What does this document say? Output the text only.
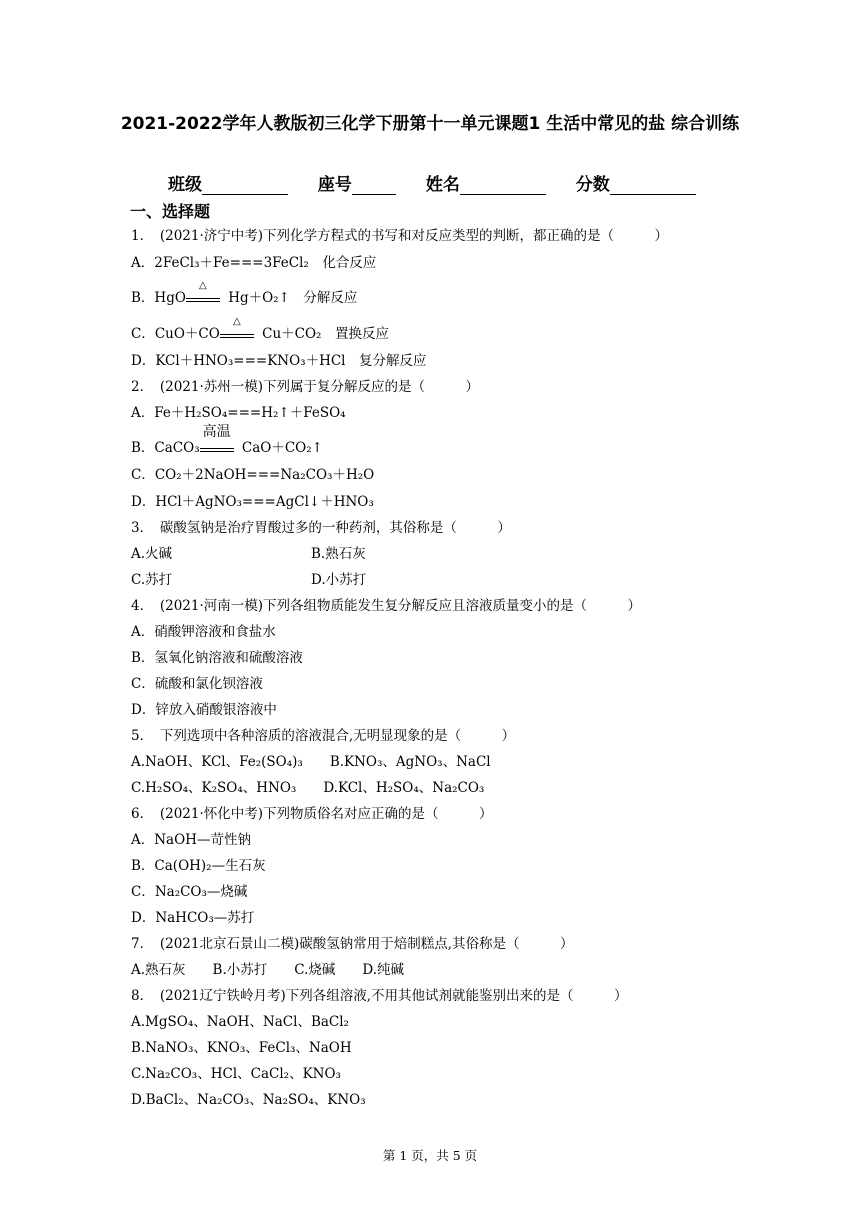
2021-2022学年人教版初三化学下册第十一单元课题1 生活中常见的盐 综合训练
班级	座号	姓名	分数
一、选择题
1．　(2021·济宁中考)下列化学方程式的书写和对反应类型的判断，都正确的是（　　　）
A．2FeCl₃＋Fe===3FeCl₂　化合反应
B．HgO
△
Hg＋O₂↑　分解反应
C．CuO＋CO
△
Cu＋CO₂　置换反应
D．KCl＋HNO₃===KNO₃＋HCl　复分解反应
2．　(2021·苏州一模)下列属于复分解反应的是（　　　）
A．Fe＋H₂SO₄===H₂↑＋FeSO₄
B．CaCO₃
高温
CaO＋CO₂↑
C．CO₂＋2NaOH===Na₂CO₃＋H₂O
D．HCl＋AgNO₃===AgCl↓＋HNO₃
3．　碳酸氢钠是治疗胃酸过多的一种药剂，其俗称是（　　　）
A.火碱	B.熟石灰
C.苏打	D.小苏打
4．　(2021·河南一模)下列各组物质能发生复分解反应且溶液质量变小的是（　　　）
A．硝酸钾溶液和食盐水
B．氢氧化钠溶液和硫酸溶液
C．硫酸和氯化钡溶液
D．锌放入硝酸银溶液中
5．　下列选项中各种溶质的溶液混合,无明显现象的是（　　　）
A.NaOH、KCl、Fe₂(SO₄)₃　　B.KNO₃、AgNO₃、NaCl
C.H₂SO₄、K₂SO₄、HNO₃　　D.KCl、H₂SO₄、Na₂CO₃
6．　(2021·怀化中考)下列物质俗名对应正确的是（　　　）
A．NaOH—苛性钠
B．Ca(OH)₂—生石灰
C．Na₂CO₃—烧碱
D．NaHCO₃—苏打
7．　(2021北京石景山二模)碳酸氢钠常用于焙制糕点,其俗称是（　　　）
A.熟石灰　　B.小苏打　　C.烧碱　　D.纯碱
8．　(2021辽宁铁岭月考)下列各组溶液,不用其他试剂就能鉴别出来的是（　　　）
A.MgSO₄、NaOH、NaCl、BaCl₂
B.NaNO₃、KNO₃、FeCl₃、NaOH
C.Na₂CO₃、HCl、CaCl₂、KNO₃
D.BaCl₂、Na₂CO₃、Na₂SO₄、KNO₃
第 1 页，共 5 页
